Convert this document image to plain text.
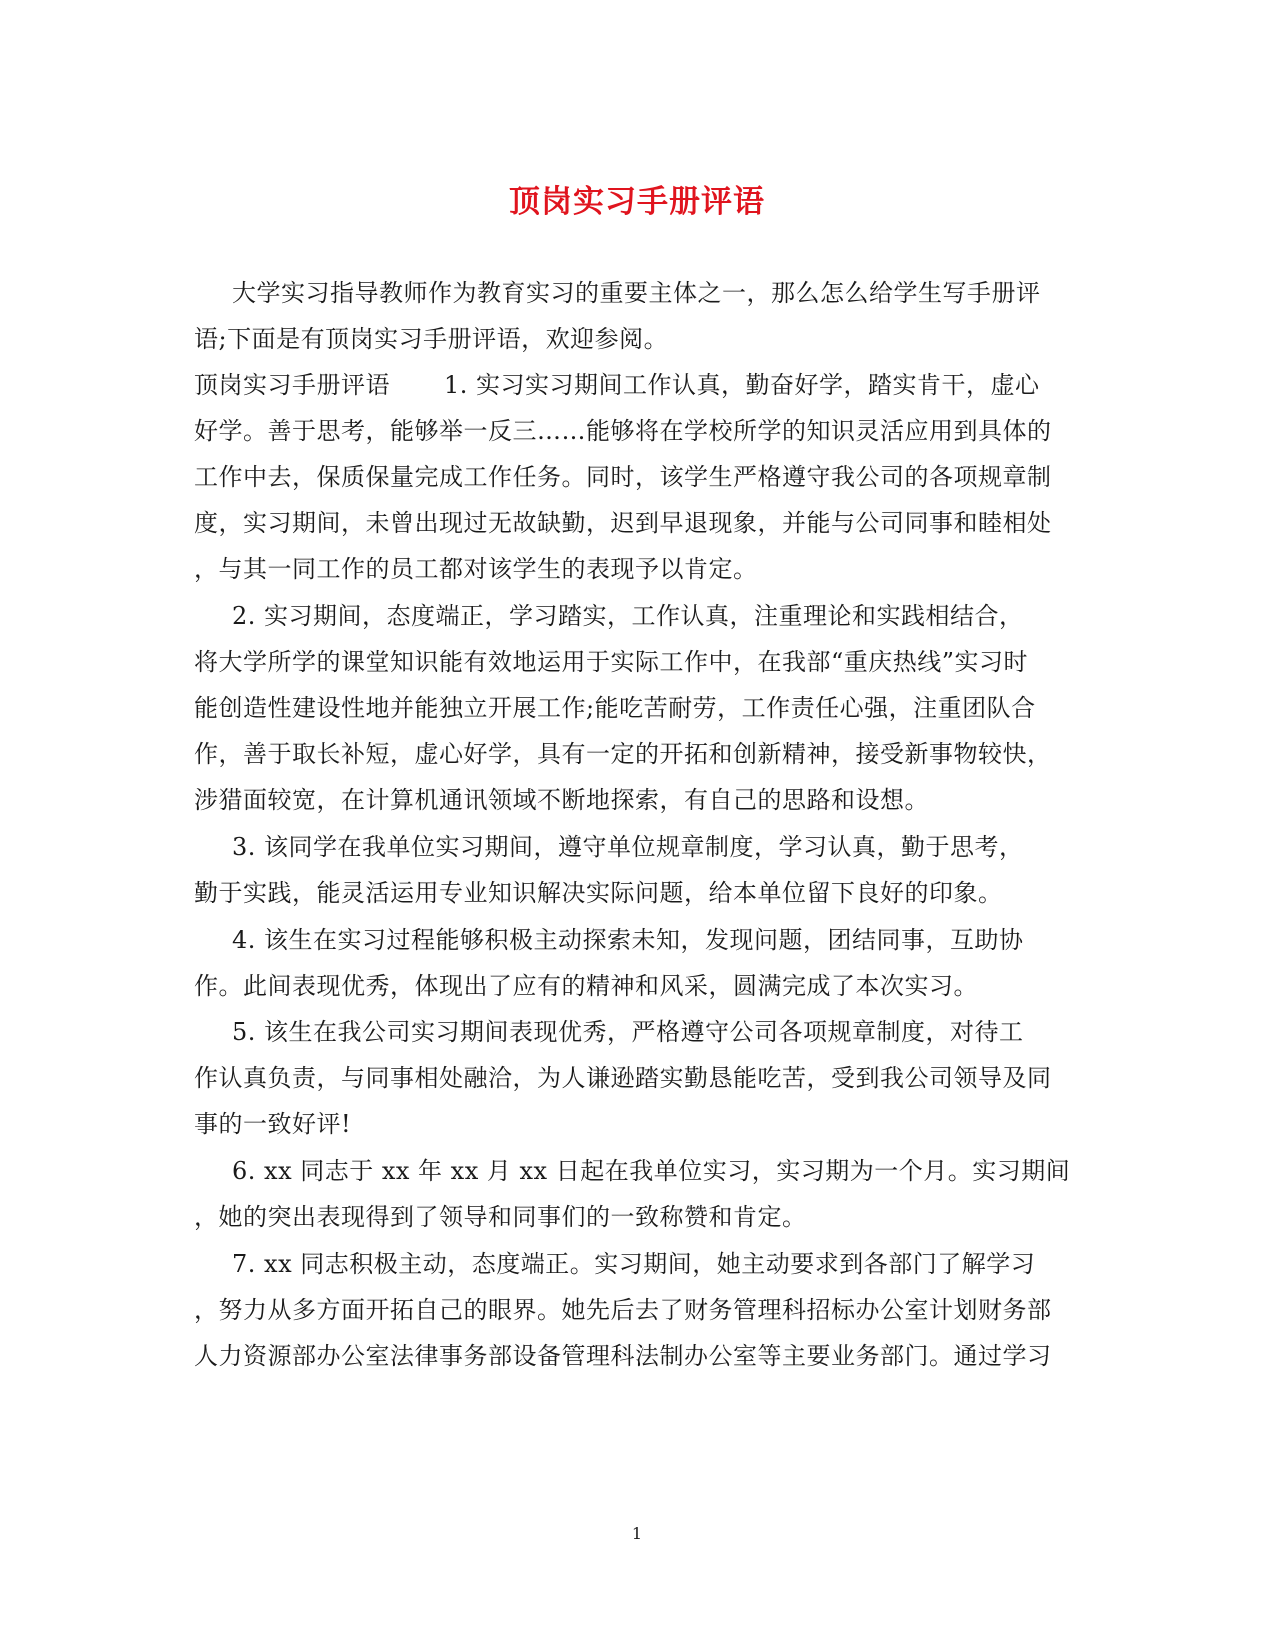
顶岗实习手册评语
大学实习指导教师作为教育实习的重要主体之一，那么怎么给学生写手册评
语;下面是有顶岗实习手册评语，欢迎参阅。
顶岗实习手册评语 1. 实习实习期间工作认真，勤奋好学，踏实肯干，虚心
好学。善于思考，能够举一反三……能够将在学校所学的知识灵活应用到具体的
工作中去，保质保量完成工作任务。同时，该学生严格遵守我公司的各项规章制
度，实习期间，未曾出现过无故缺勤，迟到早退现象，并能与公司同事和睦相处
，与其一同工作的员工都对该学生的表现予以肯定。
2. 实习期间，态度端正，学习踏实，工作认真，注重理论和实践相结合，
将大学所学的课堂知识能有效地运用于实际工作中，在我部“重庆热线”实习时
能创造性建设性地并能独立开展工作;能吃苦耐劳，工作责任心强，注重团队合
作，善于取长补短，虚心好学，具有一定的开拓和创新精神，接受新事物较快，
涉猎面较宽，在计算机通讯领域不断地探索，有自己的思路和设想。
3. 该同学在我单位实习期间，遵守单位规章制度，学习认真，勤于思考，
勤于实践，能灵活运用专业知识解决实际问题，给本单位留下良好的印象。
4. 该生在实习过程能够积极主动探索未知，发现问题，团结同事，互助协
作。此间表现优秀，体现出了应有的精神和风采，圆满完成了本次实习。
5. 该生在我公司实习期间表现优秀，严格遵守公司各项规章制度，对待工
作认真负责，与同事相处融洽，为人谦逊踏实勤恳能吃苦，受到我公司领导及同
事的一致好评!
6. xx 同志于 xx 年 xx 月 xx 日起在我单位实习，实习期为一个月。实习期间
，她的突出表现得到了领导和同事们的一致称赞和肯定。
7. xx 同志积极主动，态度端正。实习期间，她主动要求到各部门了解学习
，努力从多方面开拓自己的眼界。她先后去了财务管理科招标办公室计划财务部
人力资源部办公室法律事务部设备管理科法制办公室等主要业务部门。通过学习
1
